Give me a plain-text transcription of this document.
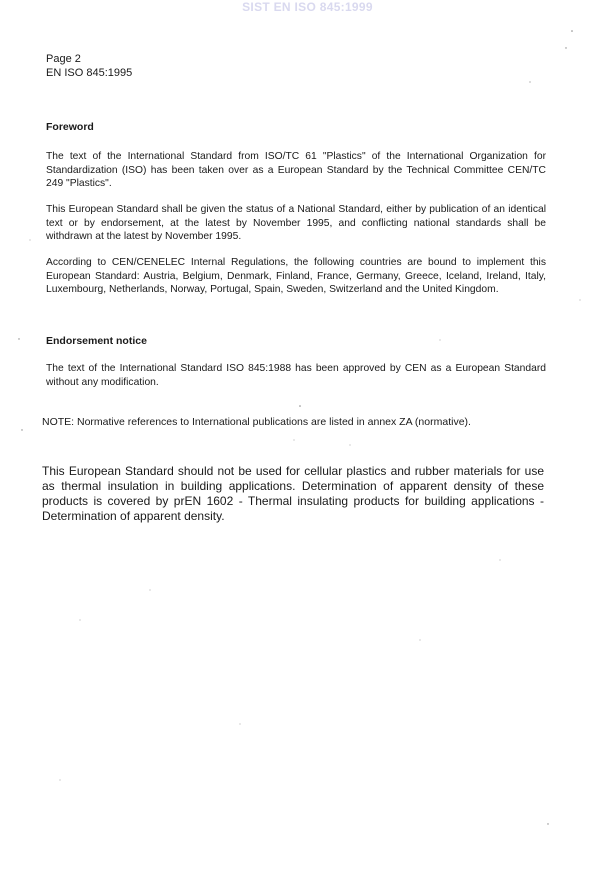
SIST EN ISO 845:1999
Page 2
EN ISO 845:1995
Foreword
The text of the International Standard from ISO/TC 61 "Plastics" of the International Organization for Standardization (ISO) has been taken over as a European Standard by the Technical Committee CEN/TC 249 "Plastics".
This European Standard shall be given the status of a National Standard, either by publication of an identical text or by endorsement, at the latest by November 1995, and conflicting national standards shall be withdrawn at the latest by November 1995.
According to CEN/CENELEC Internal Regulations, the following countries are bound to implement this European Standard: Austria, Belgium, Denmark, Finland, France, Germany, Greece, Iceland, Ireland, Italy, Luxembourg, Netherlands, Norway, Portugal, Spain, Sweden, Switzerland and the United Kingdom.
Endorsement notice
The text of the International Standard ISO 845:1988 has been approved by CEN as a European Standard without any modification.
NOTE: Normative references to International publications are listed in annex ZA (normative).
This European Standard should not be used for cellular plastics and rubber materials for use as thermal insulation in building applications. Determination of apparent density of these products is covered by prEN 1602 - Thermal insulating products for building applications - Determination of apparent density.
